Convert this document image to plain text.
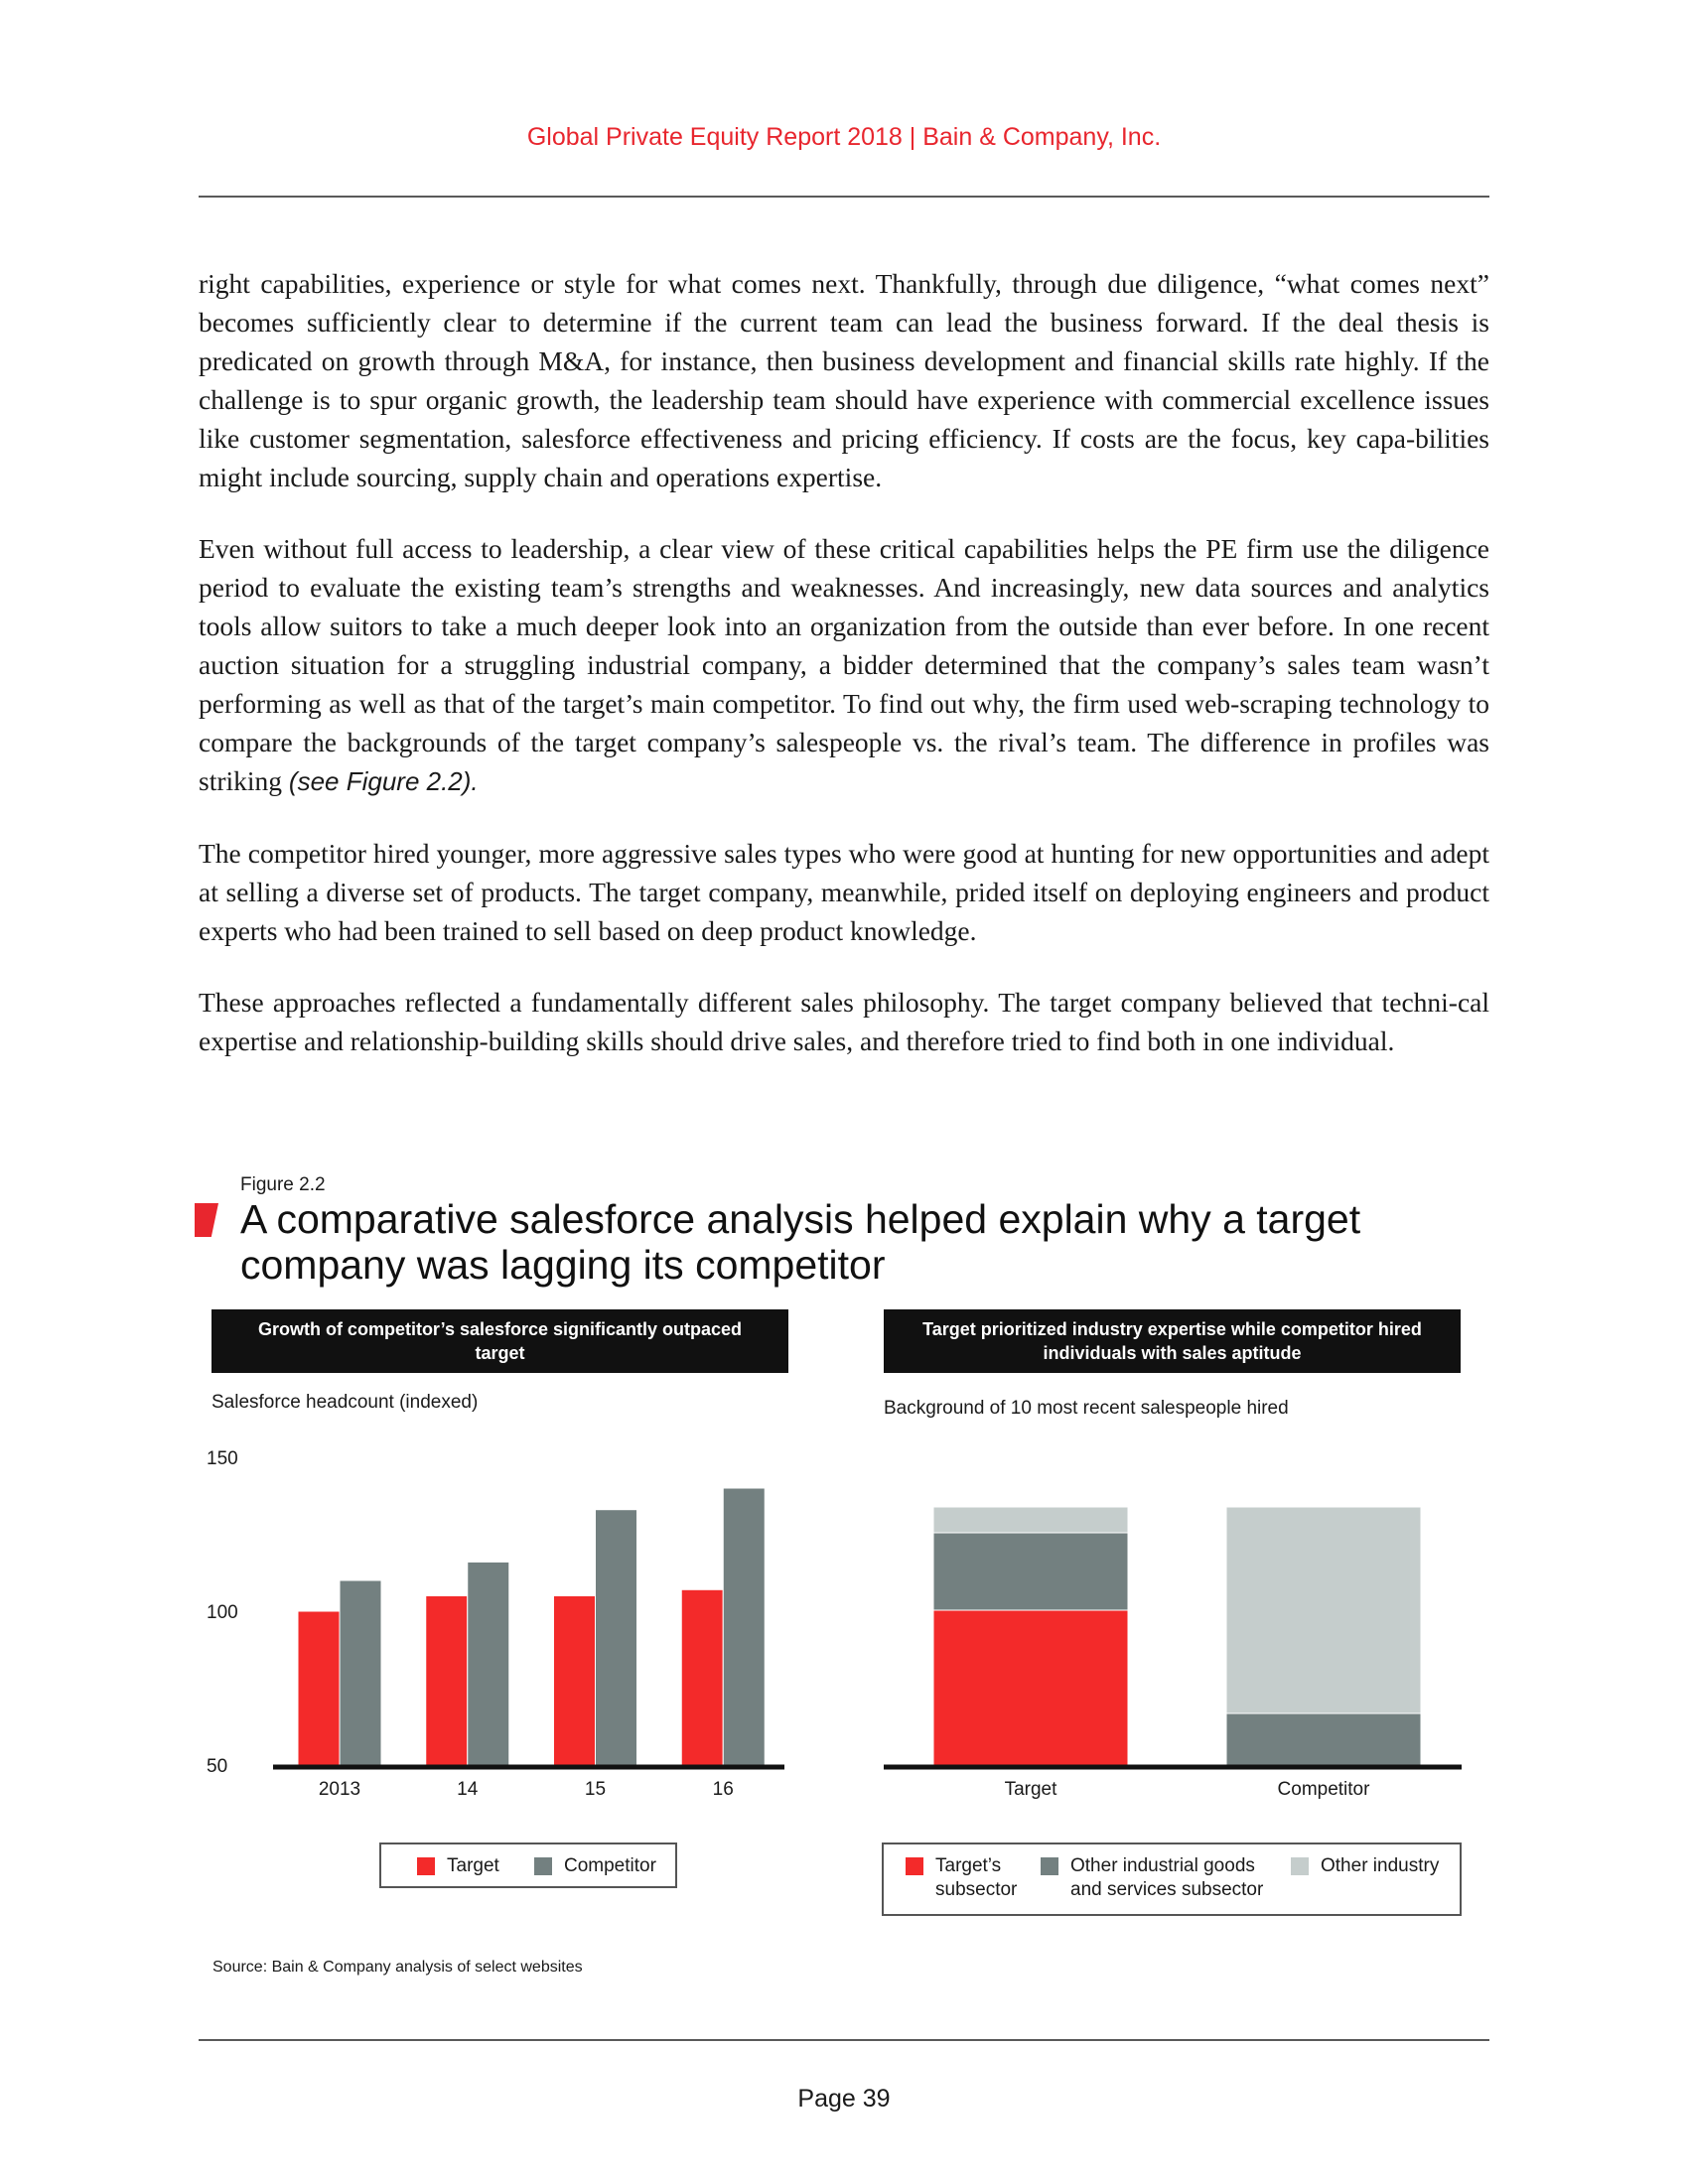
Global Private Equity Report 2018 | Bain & Company, Inc.

right capabilities, experience or style for what comes next. Thankfully, through due diligence, “what comes next” becomes sufficiently clear to determine if the current team can lead the business forward. If the deal thesis is predicated on growth through M&A, for instance, then business development and financial skills rate highly. If the challenge is to spur organic growth, the leadership team should have experience with commercial excellence issues like customer segmentation, salesforce effectiveness and pricing efficiency. If costs are the focus, key capa-bilities might include sourcing, supply chain and operations expertise.

Even without full access to leadership, a clear view of these critical capabilities helps the PE firm use the diligence period to evaluate the existing team’s strengths and weaknesses. And increasingly, new data sources and analytics tools allow suitors to take a much deeper look into an organization from the outside than ever before. In one recent auction situation for a struggling industrial company, a bidder determined that the company’s sales team wasn’t performing as well as that of the target’s main competitor. To find out why, the firm used web-scraping technology to compare the backgrounds of the target company’s salespeople vs. the rival’s team. The difference in profiles was striking (see Figure 2.2).

The competitor hired younger, more aggressive sales types who were good at hunting for new opportunities and adept at selling a diverse set of products. The target company, meanwhile, prided itself on deploying engineers and product experts who had been trained to sell based on deep product knowledge.

These approaches reflected a fundamentally different sales philosophy. The target company believed that techni-cal expertise and relationship-building skills should drive sales, and therefore tried to find both in one individual.

Figure 2.2
A comparative salesforce analysis helped explain why a target company was lagging its competitor
Growth of competitor’s salesforce significantly outpaced target
Salesforce headcount (indexed)
50
100
150
2013	14	15	16
Target	Competitor
Target prioritized industry expertise while competitor hired individuals with sales aptitude
Background of 10 most recent salespeople hired
Target	Competitor
Target’s subsector
Other industrial goods and services subsector
Other industry
Source: Bain & Company analysis of select websites
Page 39
